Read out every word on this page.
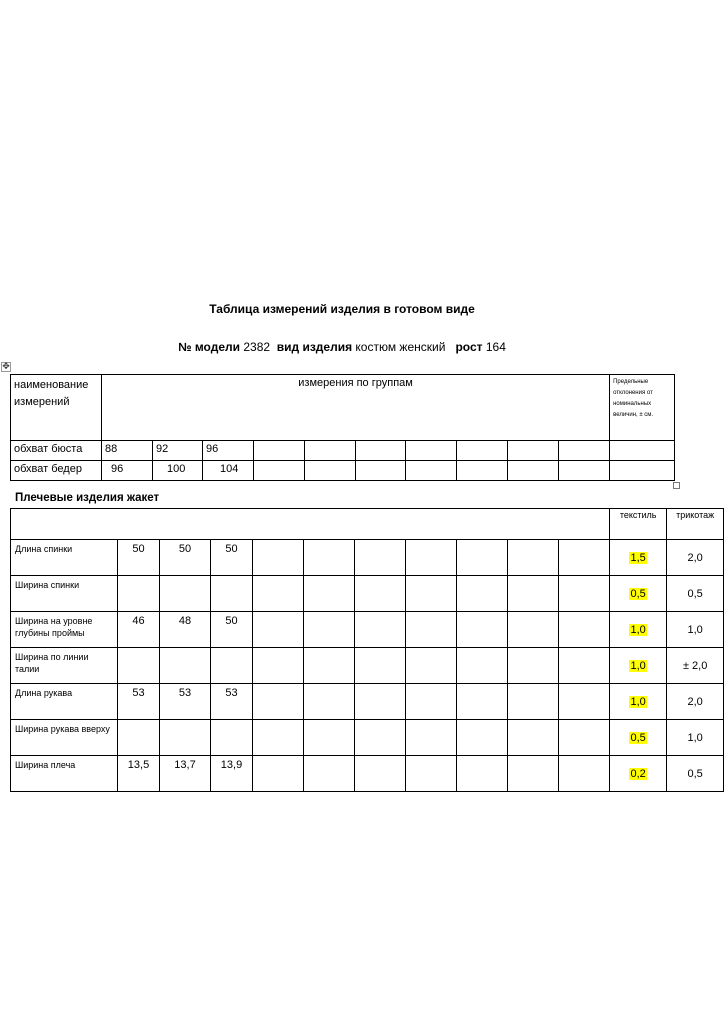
Таблица измерений изделия в готовом виде
№ модели 2382 вид изделия костюм женский рост 164
✥
наименование измерений	измерения по группам										Предельные отклонения от номинальных величин, ± см.
обхват бюста	88	92	96								
обхват бедер	96	100	104								
Плечевые изделия жакет
											текстиль	трикотаж
Длина спинки	50	50	50								1,5	2,0
Ширина спинки											0,5	0,5
Ширина на уровне глубины проймы	46	48	50								1,0	1,0
Ширина по линии талии											1,0	± 2,0
Длина рукава	53	53	53								1,0	2,0
Ширина рукава вверху											0,5	1,0
Ширина плеча	13,5	13,7	13,9								0,2	0,5
